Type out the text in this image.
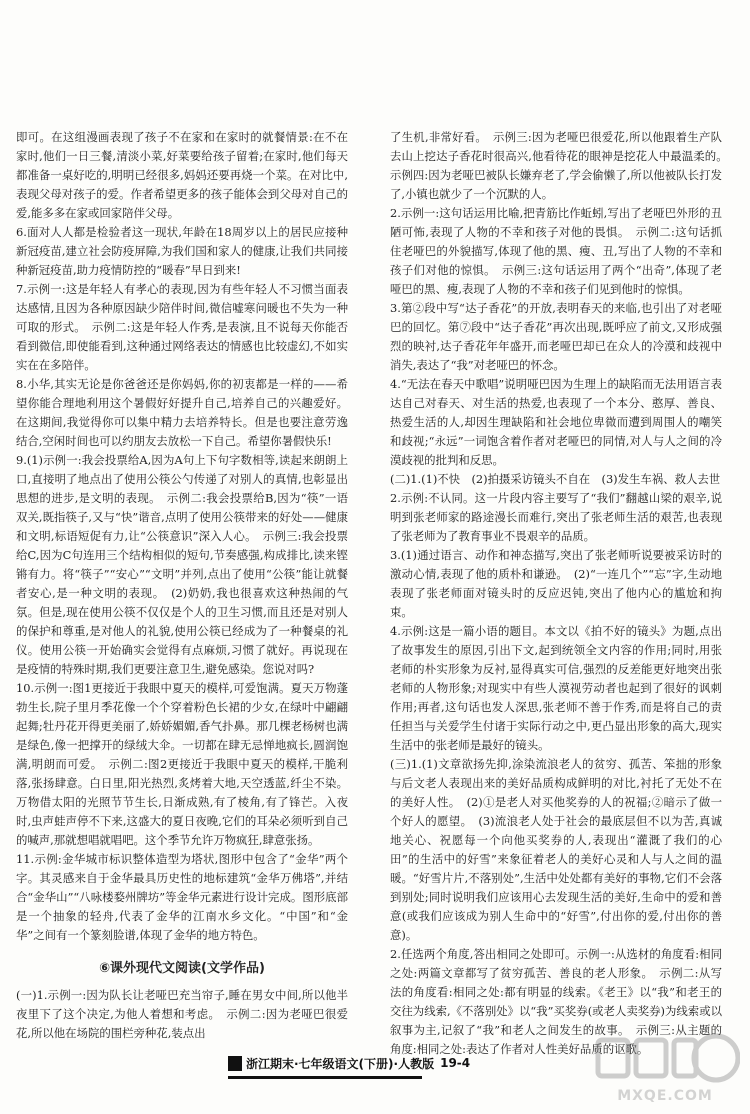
即可。在这组漫画表现了孩子不在家和在家时的就餐情景:在不在家时,他们一日三餐,清淡小菜,好菜要给孩子留着;在家时,他们每天都准备一桌好吃的,明明已经很多,妈妈还要再烧一个菜。在对比中,表现父母对孩子的爱。作者希望更多的孩子能体会到父母对自己的爱,能多多在家或回家陪伴父母。

6.面对人人都是检验者这一现状,年龄在18周岁以上的居民应接种新冠疫苗,建立社会防疫屏障,为我们国和家人的健康,让我们共同接种新冠疫苗,助力疫情防控的“暖春”早日到来!

7.示例一:这是年轻人有孝心的表现,因为有些年轻人不习惯当面表达感情,且因为各种原因缺少陪伴时间,微信嘘寒问暖也不失为一种可取的形式。　示例二:这是年轻人作秀,是表演,且不说每天你能否看到微信,即使能看到,这种通过网络表达的情感也比较虚幻,不如实实在在多陪伴。

8.小华,其实无论是你爸爸还是你妈妈,你的初衷都是一样的——希望你能合理地利用这个暑假好好提升自己,培养自己的兴趣爱好。在这期间,我觉得你可以集中精力去培养特长。但是也要注意劳逸结合,空闲时间也可以约朋友去放松一下自己。希望你暑假快乐!

9.(1)示例一:我会投票给A,因为A句上下句字数相等,读起来朗朗上口,直接明了地点出了使用公筷公勺传递了对别人的真情,也彰显出思想的进步,是文明的表现。　示例二:我会投票给B,因为“筷”一语双关,既指筷子,又与“快”谐音,点明了使用公筷带来的好处——健康和文明,标语短促有力,让“公筷意识”深入人心。　示例三:我会投票给C,因为C句连用三个结构相似的短句,节奏感强,构成排比,读来铿锵有力。将“筷子”“安心”“文明”并列,点出了使用“公筷”能让就餐者安心,是一种文明的表现。　(2)奶奶,我也很喜欢这种热闹的气氛。但是,现在使用公筷不仅仅是个人的卫生习惯,而且还是对别人的保护和尊重,是对他人的礼貌,使用公筷已经成为了一种餐桌的礼仪。使用公筷一开始确实会觉得有点麻烦,习惯了就好。再说现在是疫情的特殊时期,我们更要注意卫生,避免感染。您说对吗?

10.示例一:图1更接近于我眼中夏天的模样,可爱饱满。夏天万物蓬勃生长,院子里月季花像一个个穿着粉色长裙的少女,在绿叶中翩翩起舞;牡丹花开得更美丽了,娇娇媚媚,香气扑鼻。那几棵老杨树也满是绿色,像一把撑开的绿绒大伞。一切都在肆无忌惮地疯长,圆润饱满,明朗而可爱。　示例二:图2更接近于我眼中夏天的模样,干脆利落,张扬肆意。白日里,阳光热烈,炙烤着大地,天空透蓝,纤尘不染。万物借太阳的光照节节生长,日渐成熟,有了棱角,有了锋芒。入夜时,虫声蛙声停不下来,这盛大的夏日夜晚,它们的耳朵必须听到自己的喊声,那就想唱就唱吧。这个季节允许万物疯狂,肆意张扬。

11.示例:金华城市标识整体造型为塔状,图形中包含了“金华”两个字。其灵感来自于金华最具历史性的地标建筑“金华万佛塔”,并结合“金华山”“八咏楼婺州牌坊”等金华元素进行设计完成。图形底部是一个抽象的轻舟,代表了金华的江南水乡文化。“中国”和“金华”之间有一个篆刻脸谱,体现了金华的地方特色。

⑥课外现代文阅读(文学作品)

(一)1.示例一:因为队长让老哑巴充当帘子,睡在男女中间,所以他半夜里下了这个决定,为他人着想和考虑。　示例二:因为老哑巴很爱花,所以他在场院的围栏旁种花,装点出

了生机,非常好看。　示例三:因为老哑巴很爱花,所以他跟着生产队去山上挖达子香花时很高兴,他看待花的眼神是挖花人中最温柔的。　示例四:因为老哑巴被队长嫌弃老了,学会偷懒了,所以他被队长打发了,小镇也就少了一个沉默的人。

2.示例一:这句话运用比喻,把青筋比作蚯蚓,写出了老哑巴外形的丑陋可怖,表现了人物的不幸和孩子对他的畏惧。　示例二:这句话抓住老哑巴的外貌描写,体现了他的黑、瘦、丑,写出了人物的不幸和孩子们对他的惊惧。　示例三:这句话运用了两个“出奇”,体现了老哑巴的黑、瘦,表现了人物的不幸和孩子们见到他时的惊惧。

3.第②段中写“达子香花”的开放,表明春天的来临,也引出了对老哑巴的回忆。第⑦段中“达子香花”再次出现,既呼应了前文,又形成强烈的映衬,达子香花年年盛开,而老哑巴却已在众人的冷漠和歧视中消失,表达了“我”对老哑巴的怀念。

4.“无法在春天中歌唱”说明哑巴因为生理上的缺陷而无法用语言表达自己对春天、对生活的热爱,也表现了一个本分、憨厚、善良、热爱生活的人,却因生理缺陷和社会地位卑微而遭到周围人的嘲笑和歧视;“永远”一词饱含着作者对老哑巴的同情,对人与人之间的冷漠歧视的批判和反思。

(二)1.(1)不快　(2)拍摄采访镜头不自在　(3)发生车祸、救人去世

2.示例:不认同。这一片段内容主要写了“我们”翻越山梁的艰辛,说明到张老师家的路途漫长而难行,突出了张老师生活的艰苦,也表现了张老师为了教育事业不畏艰辛的品质。

3.(1)通过语言、动作和神态描写,突出了张老师听说要被采访时的激动心情,表现了他的质朴和谦逊。　(2)“一连几个”“忘”字,生动地表现了张老师面对镜头时的反应迟钝,突出了他内心的尴尬和拘束。

4.示例:这是一篇小语的题目。本文以《拍不好的镜头》为题,点出了故事发生的原因,引出下文,起到统领全文内容的作用;同时,用张老师的朴实形象为反衬,显得真实可信,强烈的反差能更好地突出张老师的人物形象;对现实中有些人漠视劳动者也起到了很好的讽刺作用;再者,这句话也发人深思,张老师不善于作秀,而是将自己的责任担当与关爱学生付诸于实际行动之中,更凸显出形象的高大,现实生活中的张老师是最好的镜头。

(三)1.(1)文章欲扬先抑,涂染流浪老人的贫穷、孤苦、笨拙的形象与后文老人表现出来的美好品质构成鲜明的对比,衬托了无处不在的美好人性。　(2)①是老人对买他奖券的人的祝福;②暗示了做一个好人的愿望。　(3)流浪老人处于社会的最底层但不以为苦,真诚地关心、祝愿每一个向他买奖券的人,表现出“灌溉了我们的心田”的生活中的好雪”来象征着老人的美好心灵和人与人之间的温暖。“好雪片片,不落别处”,生活中处处都有美好的事物,它们不会落到别处;同时说明我们应该用心去发现生活的美好,生命中的爱和善意(或我们应该成为别人生命中的“好雪”,付出你的爱,付出你的善意)。

2.任选两个角度,答出相同之处即可。示例一:从选材的角度看:相同之处:两篇文章都写了贫穷孤苦、善良的老人形象。　示例二:从写法的角度看:相同之处:都有明显的线索。《老王》以“我”和老王的交往为线索,《不落别处》以“我”买奖券(或老人卖奖券)为线索或以叙事为主,记叙了“我”和老人之间发生的故事。　示例三:从主题的角度:相同之处:表达了作者对人性美好品质的讴歌。

浙江期末·七年级语文(下册)·人教版 19-4
MXQE.COM
